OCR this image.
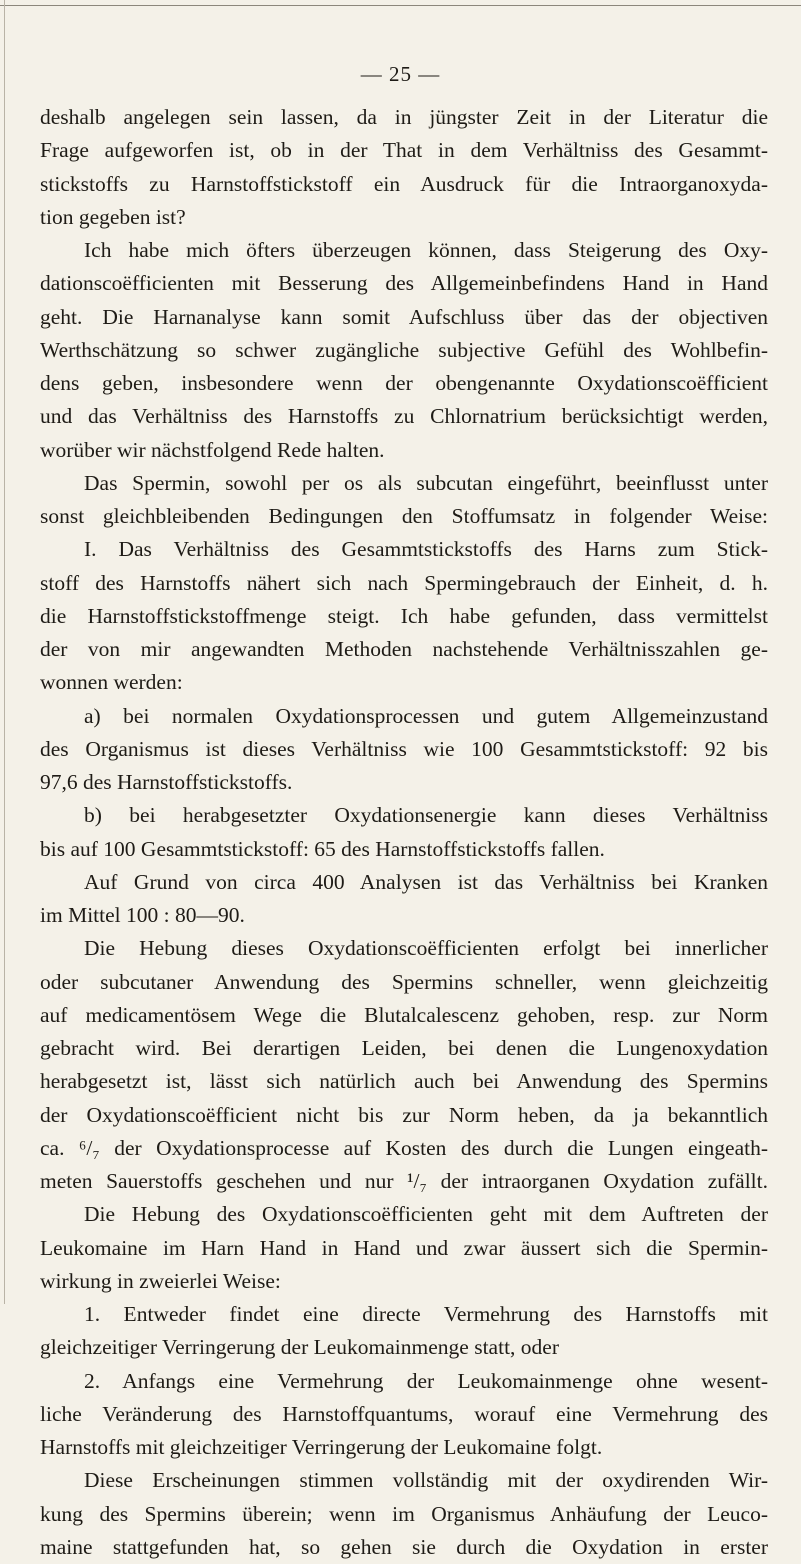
— 25 —
deshalb angelegen sein lassen, da in jüngster Zeit in der Literatur die
Frage aufgeworfen ist, ob in der That in dem Verhältniss des Gesammt-
stickstoffs zu Harnstoffstickstoff ein Ausdruck für die Intraorganoxyda-
tion gegeben ist?
Ich habe mich öfters überzeugen können, dass Steigerung des Oxy-
dationscoëfficienten mit Besserung des Allgemeinbefindens Hand in Hand
geht. Die Harnanalyse kann somit Aufschluss über das der objectiven
Werthschätzung so schwer zugängliche subjective Gefühl des Wohlbefin-
dens geben, insbesondere wenn der obengenannte Oxydationscoëfficient
und das Verhältniss des Harnstoffs zu Chlornatrium berücksichtigt werden,
worüber wir nächstfolgend Rede halten.
Das Spermin, sowohl per os als subcutan eingeführt, beeinflusst unter
sonst gleichbleibenden Bedingungen den Stoffumsatz in folgender Weise:
I. Das Verhältniss des Gesammtstickstoffs des Harns zum Stick-
stoff des Harnstoffs nähert sich nach Spermingebrauch der Einheit, d. h.
die Harnstoffstickstoffmenge steigt. Ich habe gefunden, dass vermittelst
der von mir angewandten Methoden nachstehende Verhältnisszahlen ge-
wonnen werden:
a) bei normalen Oxydationsprocessen und gutem Allgemeinzustand
des Organismus ist dieses Verhältniss wie 100 Gesammtstickstoff: 92 bis
97,6 des Harnstoffstickstoffs.
b) bei herabgesetzter Oxydationsenergie kann dieses Verhältniss
bis auf 100 Gesammtstickstoff: 65 des Harnstoffstickstoffs fallen.
Auf Grund von circa 400 Analysen ist das Verhältniss bei Kranken
im Mittel 100 : 80—90.
Die Hebung dieses Oxydationscoëfficienten erfolgt bei innerlicher
oder subcutaner Anwendung des Spermins schneller, wenn gleichzeitig
auf medicamentösem Wege die Blutalcalescenz gehoben, resp. zur Norm
gebracht wird. Bei derartigen Leiden, bei denen die Lungenoxydation
herabgesetzt ist, lässt sich natürlich auch bei Anwendung des Spermins
der Oxydationscoëfficient nicht bis zur Norm heben, da ja bekanntlich
ca. ⁶/₇ der Oxydationsprocesse auf Kosten des durch die Lungen eingeath-
meten Sauerstoffs geschehen und nur ¹/₇ der intraorganen Oxydation zufällt.
Die Hebung des Oxydationscoëfficienten geht mit dem Auftreten der
Leukomaine im Harn Hand in Hand und zwar äussert sich die Spermin-
wirkung in zweierlei Weise:
1. Entweder findet eine directe Vermehrung des Harnstoffs mit
gleichzeitiger Verringerung der Leukomainmenge statt, oder
2. Anfangs eine Vermehrung der Leukomainmenge ohne wesent-
liche Veränderung des Harnstoffquantums, worauf eine Vermehrung des
Harnstoffs mit gleichzeitiger Verringerung der Leukomaine folgt.
Diese Erscheinungen stimmen vollständig mit der oxydirenden Wir-
kung des Spermins überein; wenn im Organismus Anhäufung der Leuco-
maine stattgefunden hat, so gehen sie durch die Oxydation in erster
